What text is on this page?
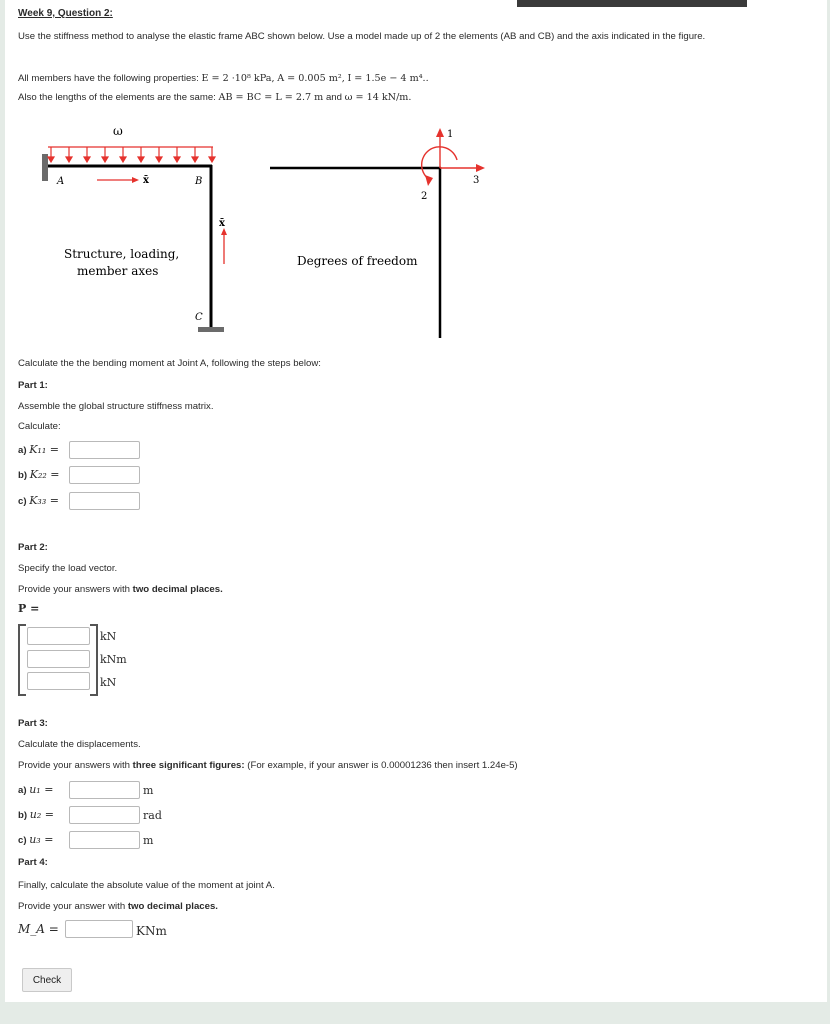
Week 9, Question 2:
Use the stiffness method to analyse the elastic frame ABC shown below. Use a model made up of 2 the elements (AB and CB) and the axis indicated in the figure.
All members have the following properties: E = 2 ·10⁸ kPa, A = 0.005 m², I = 1.5e − 4 m⁴..
Also the lengths of the elements are the same: AB = BC = L = 2.7 m and ω = 14 kN/m.
ω
A	B
C
x̄
x̄
Structure, loading,
member axes
Degrees of freedom
1
3
2
Calculate the the bending moment at Joint A, following the steps below:
Part 1:
Assemble the global structure stiffness matrix.
Calculate:
a) K₁₁ =
b) K₂₂ =
c) K₃₃ =
Part 2:
Specify the load vector.
Provide your answers with two decimal places.
P =
kN
kNm
kN
Part 3:
Calculate the displacements.
Provide your answers with three significant figures: (For example, if your answer is 0.00001236 then insert 1.24e-5)
a) u₁ =	m
b) u₂ =	rad
c) u₃ =	m
Part 4:
Finally, calculate the absolute value of the moment at joint A.
Provide your answer with two decimal places.
M_A =	KNm
Check
